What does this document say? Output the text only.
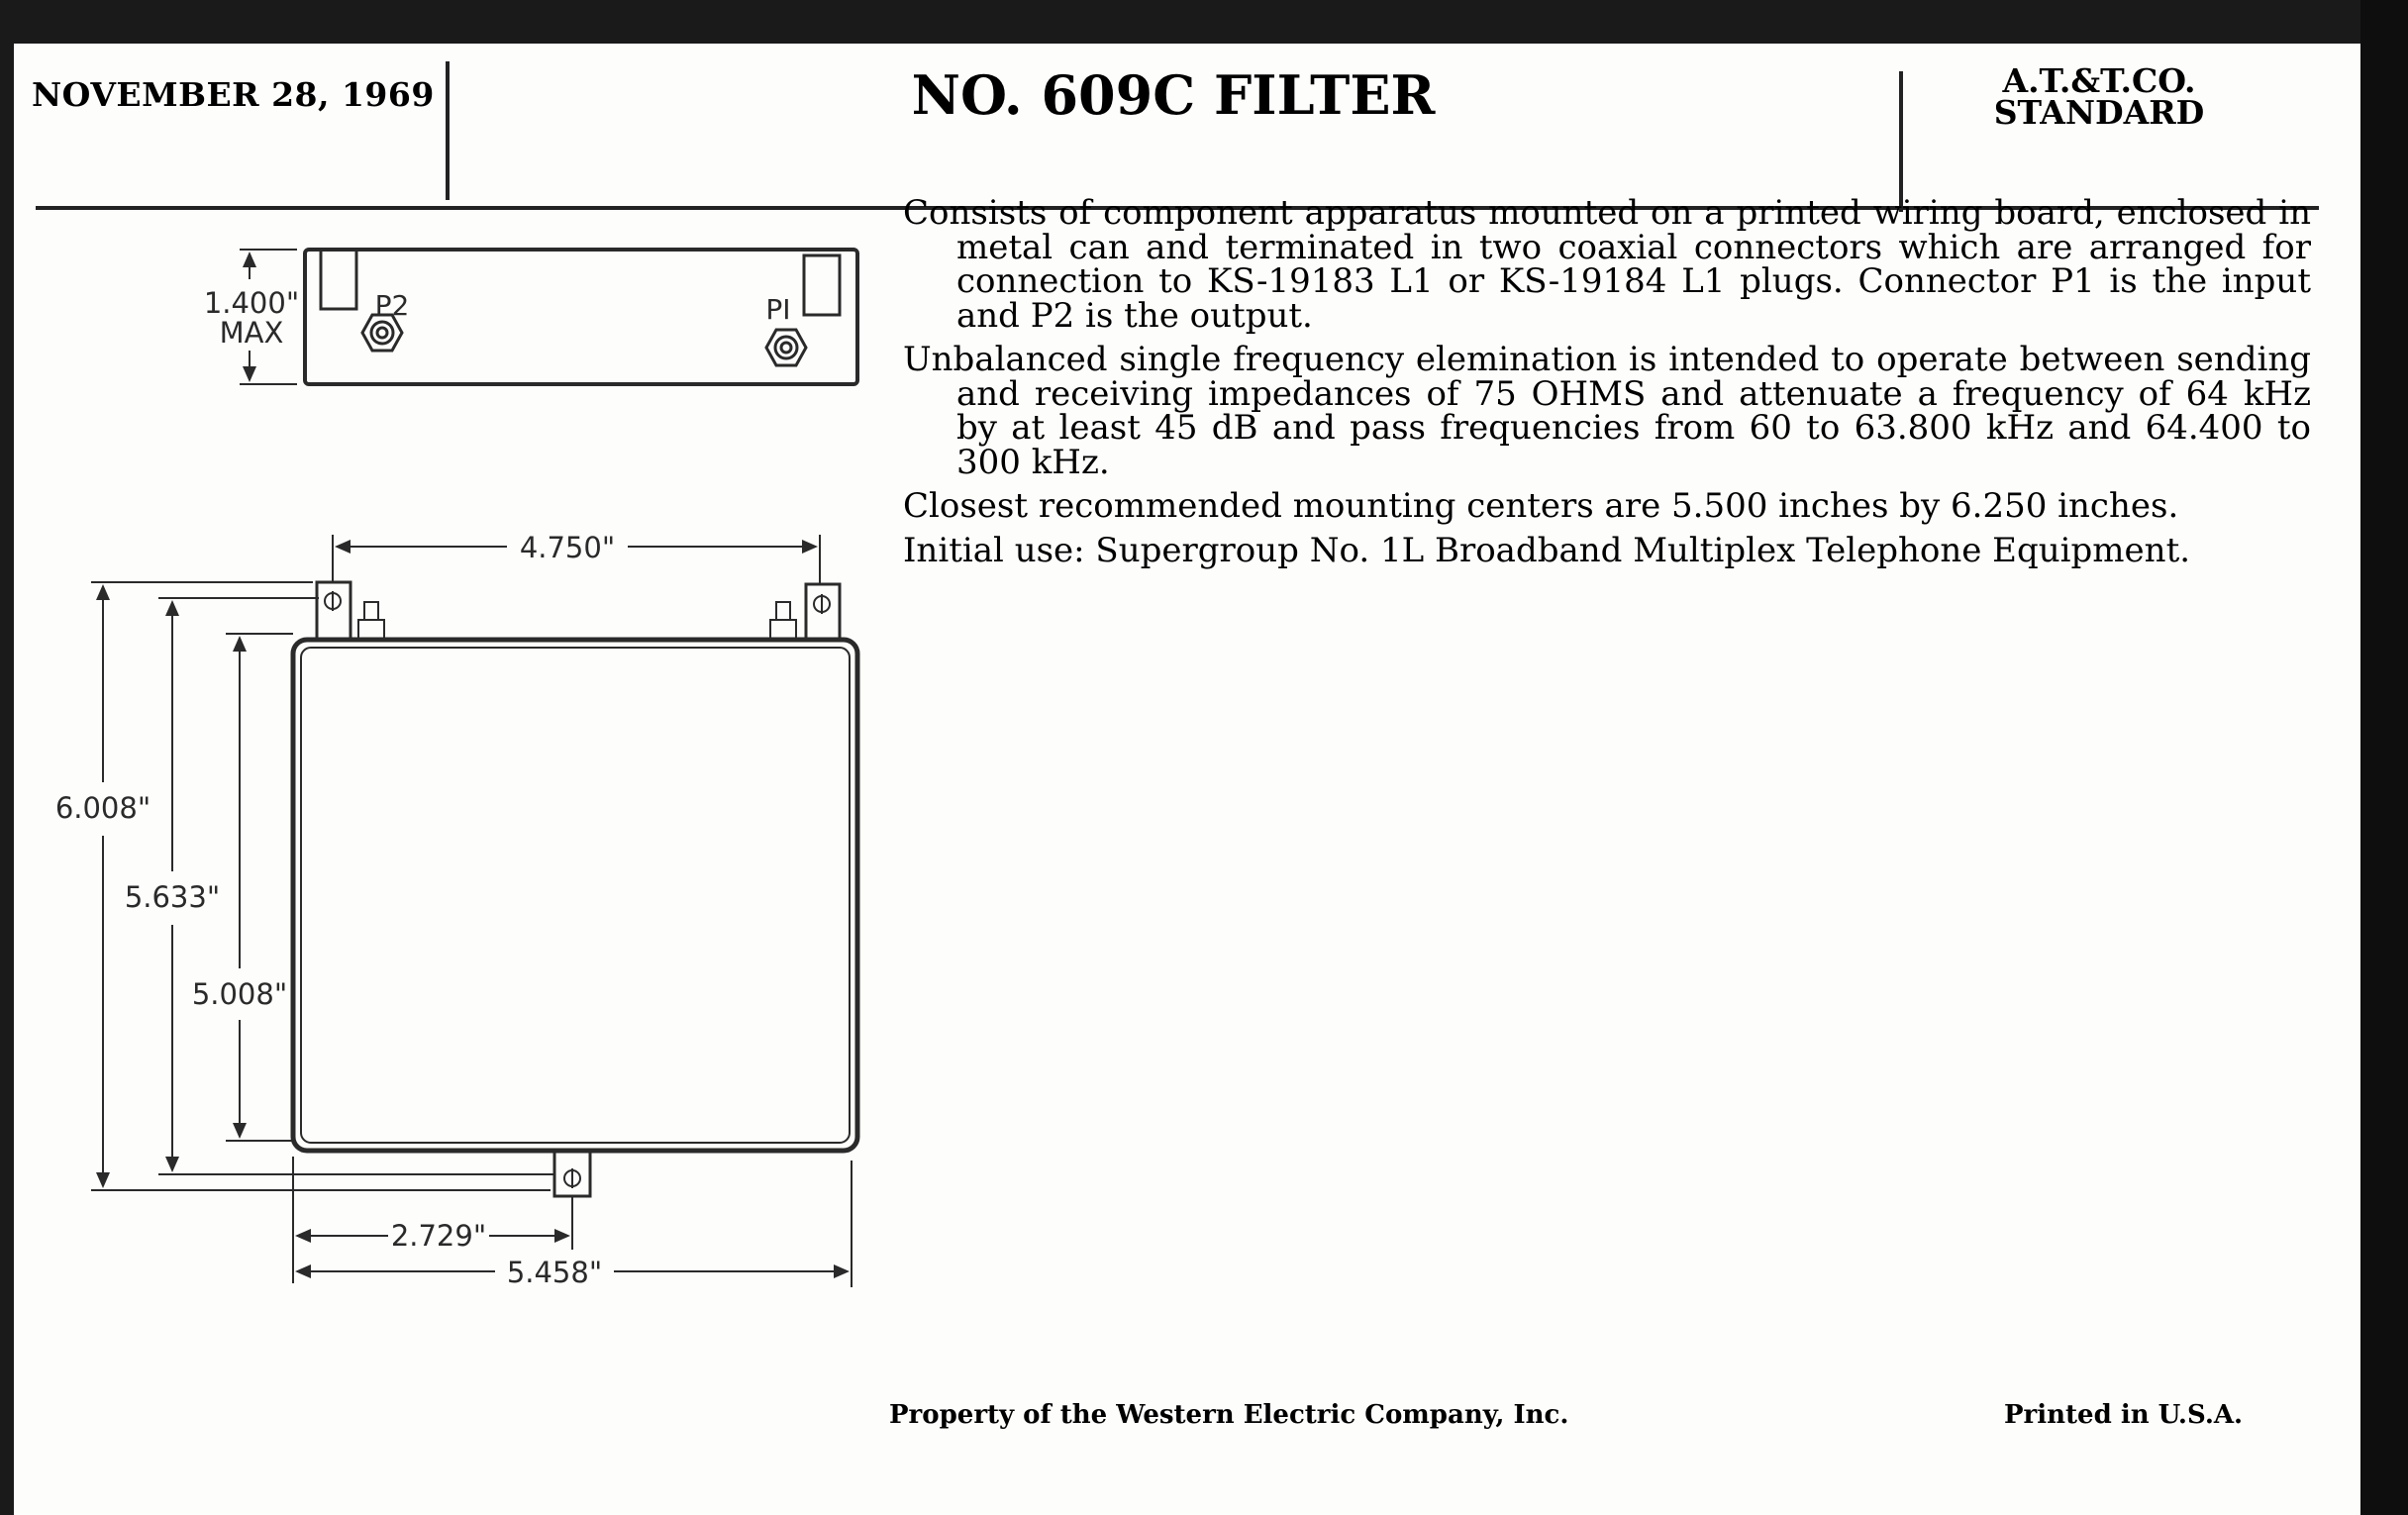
NOVEMBER 28, 1969	NO. 609C FILTER	A.T.&T.CO.
STANDARD
1.400"
MAX
P2	PI
4.750"
6.008"
5.633"
5.008"
2.729"
5.458"

Consists of component apparatus mounted on a printed wiring board, enclosed in metal can and terminated in two coaxial connectors which are arranged for connection to KS-19183 L1 or KS-19184 L1 plugs. Connector P1 is the input and P2 is the output.

Unbalanced single frequency elemination is intended to operate between sending and receiving impedances of 75 OHMS and attenuate a frequency of 64 kHz by at least 45 dB and pass frequencies from 60 to 63.800 kHz and 64.400 to 300 kHz.

Closest recommended mounting centers are 5.500 inches by 6.250 inches.

Initial use: Supergroup No. 1L Broadband Multiplex Telephone Equipment.

Property of the Western Electric Company, Inc.	Printed in U.S.A.
